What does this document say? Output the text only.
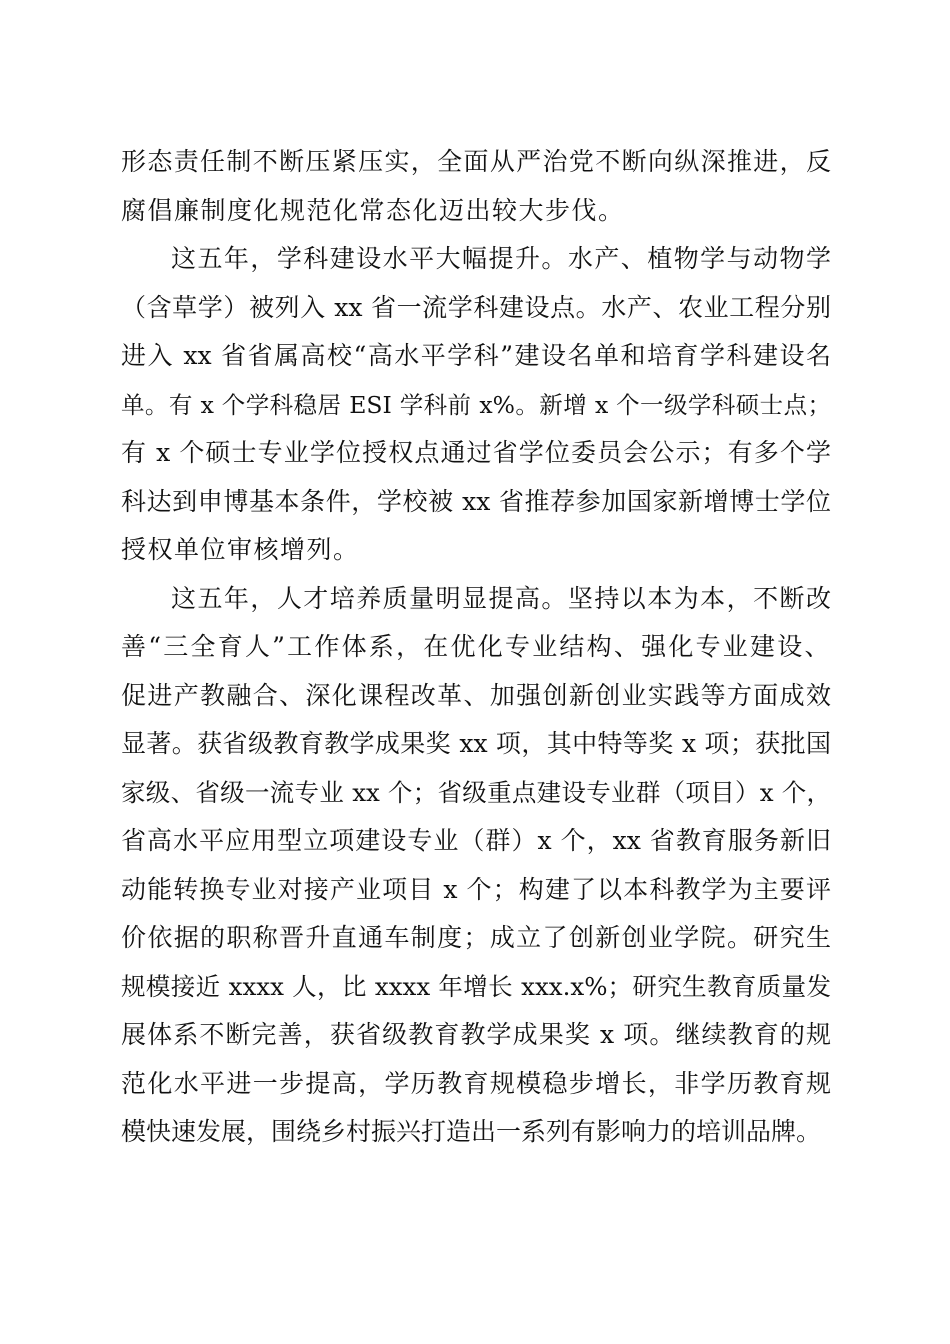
形态责任制不断压紧压实，全面从严治党不断向纵深推进，反
腐倡廉制度化规范化常态化迈出较大步伐。
这五年，学科建设水平大幅提升。水产、植物学与动物学
（含草学）被列入 xx 省一流学科建设点。水产、农业工程分别
进入 xx 省省属高校“高水平学科”建设名单和培育学科建设名
单。有 x 个学科稳居 ESI 学科前 x%。新增 x 个一级学科硕士点；
有 x 个硕士专业学位授权点通过省学位委员会公示；有多个学
科达到申博基本条件，学校被 xx 省推荐参加国家新增博士学位
授权单位审核增列。
这五年，人才培养质量明显提高。坚持以本为本，不断改
善“三全育人”工作体系，在优化专业结构、强化专业建设、
促进产教融合、深化课程改革、加强创新创业实践等方面成效
显著。获省级教育教学成果奖 xx 项，其中特等奖 x 项；获批国
家级、省级一流专业 xx 个；省级重点建设专业群（项目）x 个，
省高水平应用型立项建设专业（群）x 个，xx 省教育服务新旧
动能转换专业对接产业项目 x 个；构建了以本科教学为主要评
价依据的职称晋升直通车制度；成立了创新创业学院。研究生
规模接近 xxxx 人，比 xxxx 年增长 xxx.x%；研究生教育质量发
展体系不断完善，获省级教育教学成果奖 x 项。继续教育的规
范化水平进一步提高，学历教育规模稳步增长，非学历教育规
模快速发展，围绕乡村振兴打造出一系列有影响力的培训品牌。
